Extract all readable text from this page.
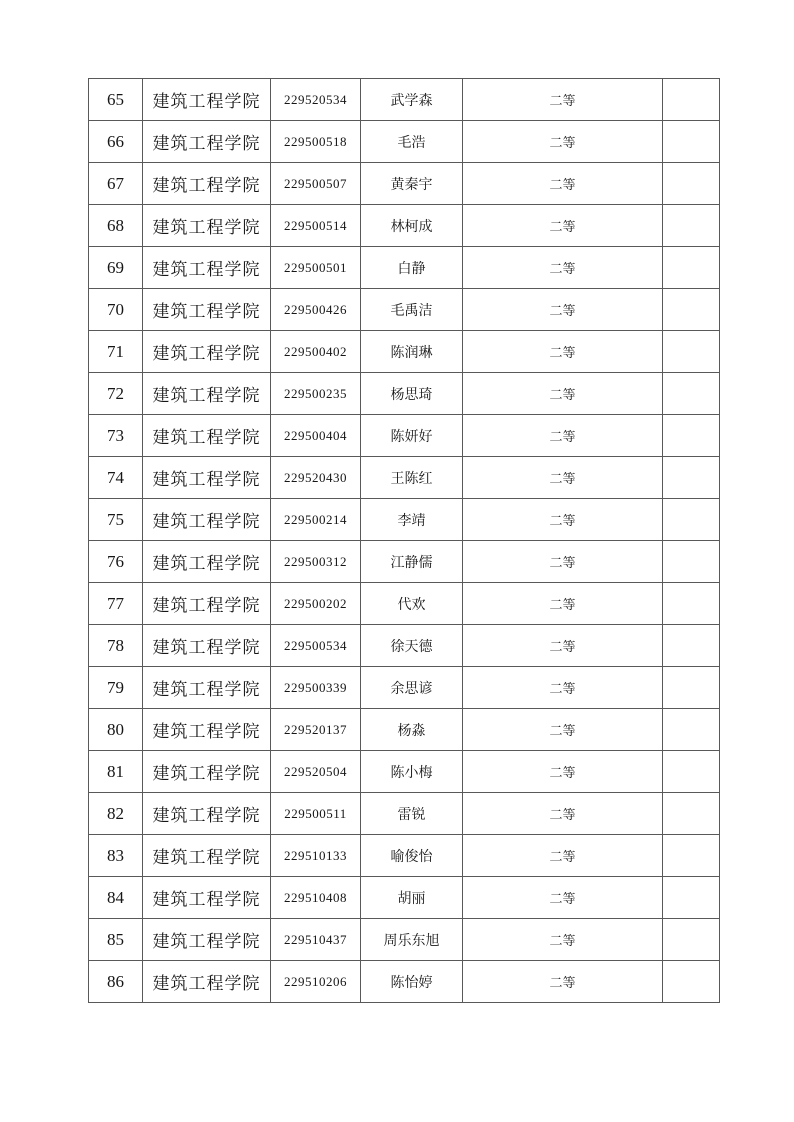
65	建筑工程学院	229520534	武学森	二等	
66	建筑工程学院	229500518	毛浩	二等	
67	建筑工程学院	229500507	黄秦宇	二等	
68	建筑工程学院	229500514	林柯成	二等	
69	建筑工程学院	229500501	白静	二等	
70	建筑工程学院	229500426	毛禹洁	二等	
71	建筑工程学院	229500402	陈润琳	二等	
72	建筑工程学院	229500235	杨思琦	二等	
73	建筑工程学院	229500404	陈妍好	二等	
74	建筑工程学院	229520430	王陈红	二等	
75	建筑工程学院	229500214	李靖	二等	
76	建筑工程学院	229500312	江静儒	二等	
77	建筑工程学院	229500202	代欢	二等	
78	建筑工程学院	229500534	徐天德	二等	
79	建筑工程学院	229500339	余思谚	二等	
80	建筑工程学院	229520137	杨淼	二等	
81	建筑工程学院	229520504	陈小梅	二等	
82	建筑工程学院	229500511	雷锐	二等	
83	建筑工程学院	229510133	喻俊怡	二等	
84	建筑工程学院	229510408	胡丽	二等	
85	建筑工程学院	229510437	周乐东旭	二等	
86	建筑工程学院	229510206	陈怡婷	二等	
